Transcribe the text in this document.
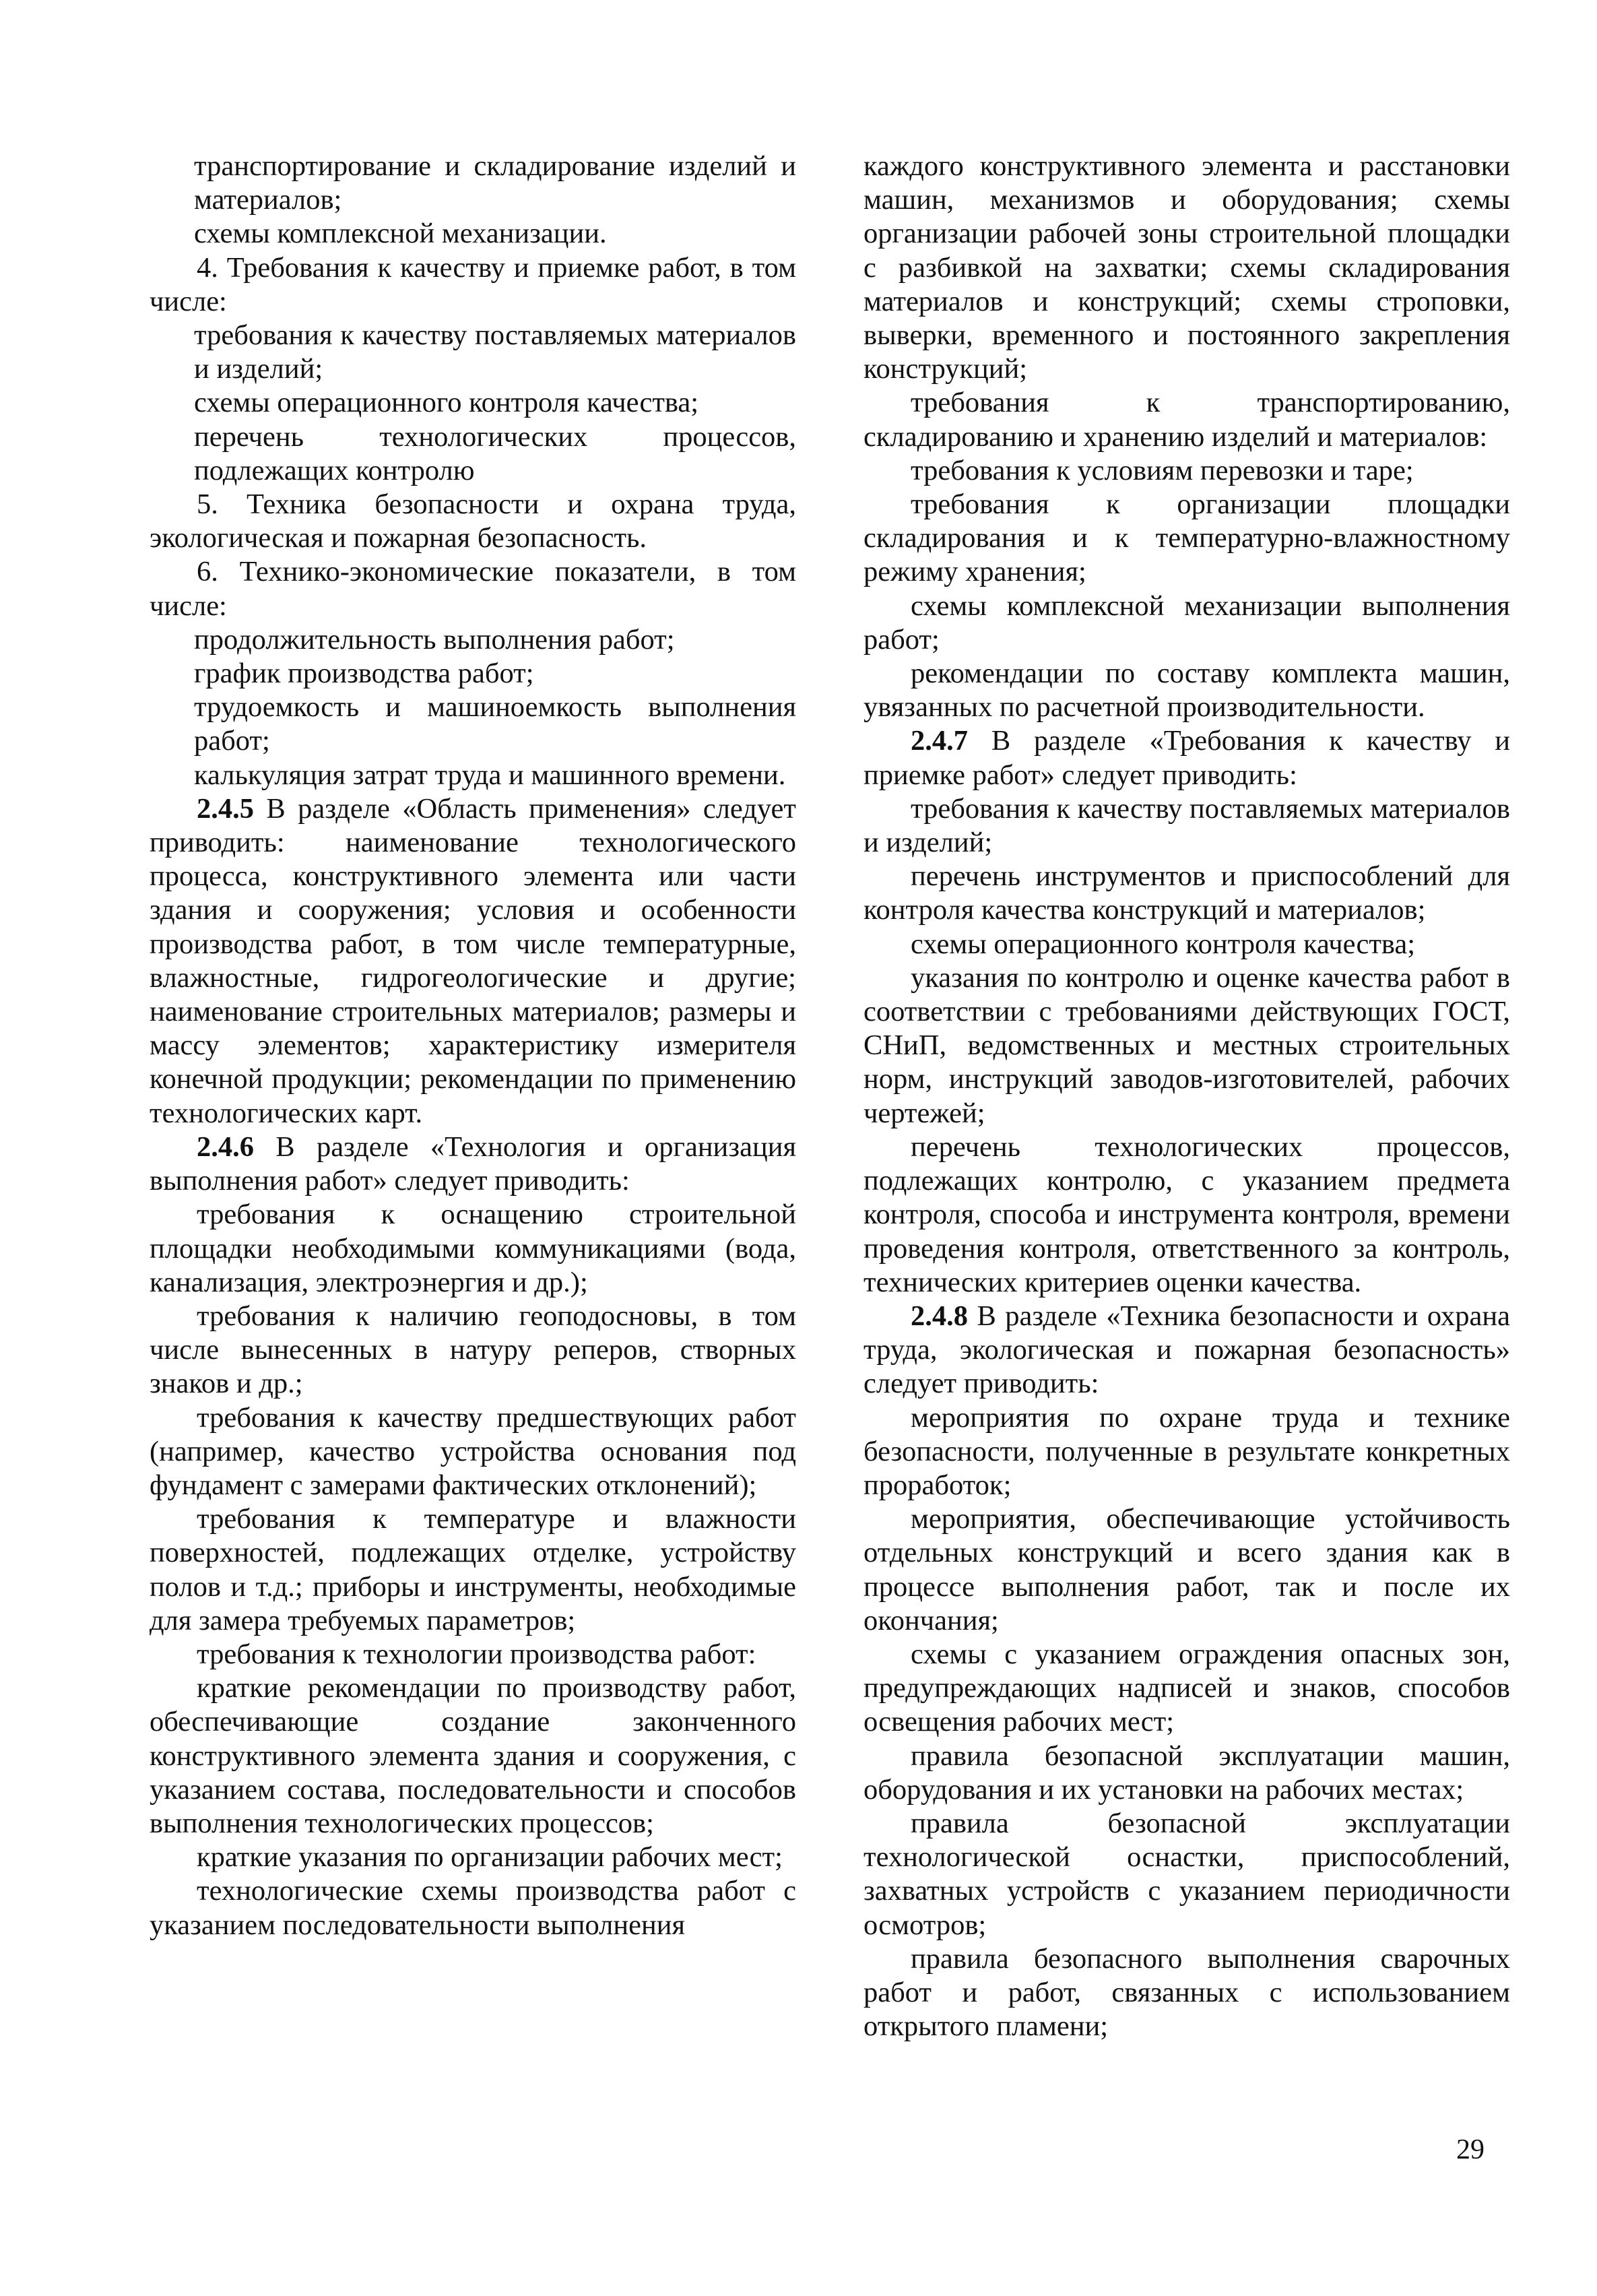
транспортирование и складирование изделий и материалов;

схемы комплексной механизации.

4. Требования к качеству и приемке работ, в том числе:

требования к качеству поставляемых материалов и изделий;

схемы операционного контроля качества;

перечень технологических процессов, подлежащих контролю

5. Техника безопасности и охрана труда, экологическая и пожарная безопасность.

6. Технико-экономические показатели, в том числе:

продолжительность выполнения работ;

график производства работ;

трудоемкость и машиноемкость выполнения работ;

калькуляция затрат труда и машинного времени.

2.4.5 В разделе «Область применения» следует приводить: наименование технологического процесса, конструктивного элемента или части здания и сооружения; условия и особенности производства работ, в том числе температурные, влажностные, гидрогеологические и другие; наименование строительных материалов; размеры и массу элементов; характеристику измерителя конечной продукции; рекомендации по применению технологических карт.

2.4.6 В разделе «Технология и организация выполнения работ» следует приводить:

требования к оснащению строительной площадки необходимыми коммуникациями (вода, канализация, электроэнергия и др.);

требования к наличию геоподосновы, в том числе вынесенных в натуру реперов, створных знаков и др.;

требования к качеству предшествующих работ (например, качество устройства основания под фундамент с замерами фактических отклонений);

требования к температуре и влажности поверхностей, подлежащих отделке, устройству полов и т.д.; приборы и инструменты, необходимые для замера требуемых параметров;

требования к технологии производства работ:

краткие рекомендации по производству работ, обеспечивающие создание законченного конструктивного элемента здания и сооружения, с указанием состава, последовательности и способов выполнения технологических процессов;

краткие указания по организации рабочих мест;

технологические схемы производства работ с указанием последовательности выполнения

каждого конструктивного элемента и расстановки машин, механизмов и оборудования; схемы организации рабочей зоны строительной площадки с разбивкой на захватки; схемы складирования материалов и конструкций; схемы строповки, выверки, временного и постоянного закрепления конструкций;

требования к транспортированию, складированию и хранению изделий и материалов:

требования к условиям перевозки и таре;

требования к организации площадки складирования и к температурно-влажностному режиму хранения;

схемы комплексной механизации выполнения работ;

рекомендации по составу комплекта машин, увязанных по расчетной производительности.

2.4.7 В разделе «Требования к качеству и приемке работ» следует приводить:

требования к качеству поставляемых материалов и изделий;

перечень инструментов и приспособлений для контроля качества конструкций и материалов;

схемы операционного контроля качества;

указания по контролю и оценке качества работ в соответствии с требованиями действующих ГОСТ, СНиП, ведомственных и местных строительных норм, инструкций заводов-изготовителей, рабочих чертежей;

перечень технологических процессов, подлежащих контролю, с указанием предмета контроля, способа и инструмента контроля, времени проведения контроля, ответственного за контроль, технических критериев оценки качества.

2.4.8 В разделе «Техника безопасности и охрана труда, экологическая и пожарная безопасность» следует приводить:

мероприятия по охране труда и технике безопасности, полученные в результате конкретных проработок;

мероприятия, обеспечивающие устойчивость отдельных конструкций и всего здания как в процессе выполнения работ, так и после их окончания;

схемы с указанием ограждения опасных зон, предупреждающих надписей и знаков, способов освещения рабочих мест;

правила безопасной эксплуатации машин, оборудования и их установки на рабочих местах;

правила безопасной эксплуатации технологической оснастки, приспособлений, захватных устройств с указанием периодичности осмотров;

правила безопасного выполнения сварочных работ и работ, связанных с использованием открытого пламени;

29
